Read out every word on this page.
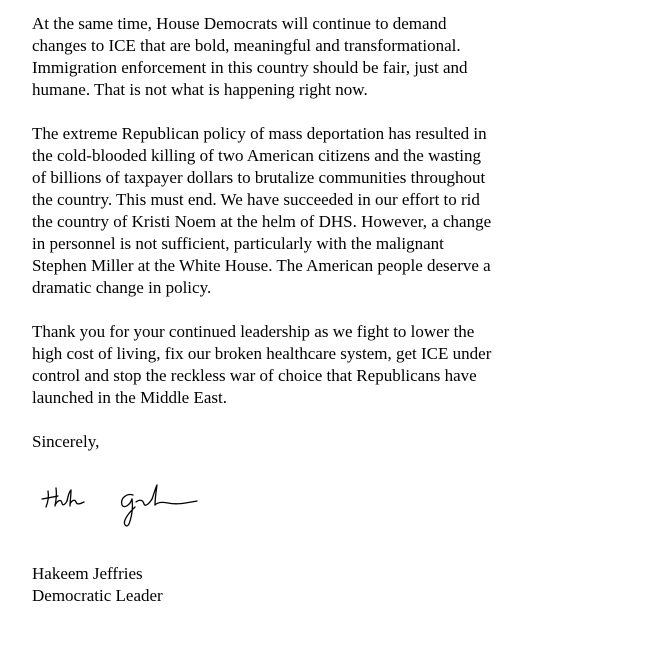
At the same time, House Democrats will continue to demand
changes to ICE that are bold, meaningful and transformational.
Immigration enforcement in this country should be fair, just and
humane. That is not what is happening right now.

The extreme Republican policy of mass deportation has resulted in
the cold-blooded killing of two American citizens and the wasting
of billions of taxpayer dollars to brutalize communities throughout
the country. This must end. We have succeeded in our effort to rid
the country of Kristi Noem at the helm of DHS. However, a change
in personnel is not sufficient, particularly with the malignant
Stephen Miller at the White House. The American people deserve a
dramatic change in policy.

Thank you for your continued leadership as we fight to lower the
high cost of living, fix our broken healthcare system, get ICE under
control and stop the reckless war of choice that Republicans have
launched in the Middle East.

Sincerely,

Hakeem Jeffries
Democratic Leader
